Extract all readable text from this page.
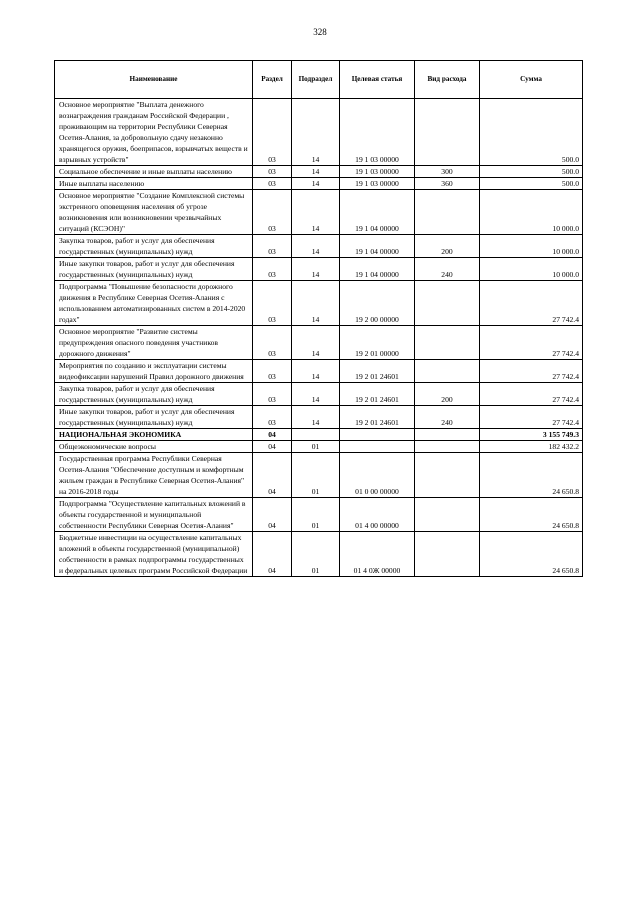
328
Наименование	Раздел	Подраздел	Целевая статья	Вид расхода	Сумма
Основное мероприятие "Выплата денежного вознаграждения гражданам Российской Федерации , проживающим на территории Республики Северная Осетия-Алания, за добровольную сдачу незаконно хранящегося оружия, боеприпасов, взрывчатых веществ и взрывных устройств"	03	14	19 1 03 00000		500.0
Социальное обеспечение и иные выплаты населению	03	14	19 1 03 00000	300	500.0
Иные выплаты населению	03	14	19 1 03 00000	360	500.0
Основное мероприятие "Создание Комплексной системы экстренного оповещения населения об угрозе возникновения или возникновении чрезвычайных ситуаций (КСЭОН)"	03	14	19 1 04 00000		10 000.0
Закупка товаров, работ и услуг для обеспечения государственных (муниципальных) нужд	03	14	19 1 04 00000	200	10 000.0
Иные закупки товаров, работ и услуг для обеспечения государственных (муниципальных) нужд	03	14	19 1 04 00000	240	10 000.0
Подпрограмма "Повышение безопасности дорожного движения в Республике Северная Осетия-Алания с использованием автоматизированных систем в 2014-2020 годах"	03	14	19 2 00 00000		27 742.4
Основное мероприятие "Развитие системы предупреждения опасного поведения участников дорожного движения"	03	14	19 2 01 00000		27 742.4
Мероприятия по созданию и эксплуатации системы видеофиксации нарушений Правил дорожного движения	03	14	19 2 01 24601		27 742.4
Закупка товаров, работ и услуг для обеспечения государственных (муниципальных) нужд	03	14	19 2 01 24601	200	27 742.4
Иные закупки товаров, работ и услуг для обеспечения государственных (муниципальных) нужд	03	14	19 2 01 24601	240	27 742.4
НАЦИОНАЛЬНАЯ ЭКОНОМИКА	04				3 155 749.3
Общеэкономические вопросы	04	01			182 432.2
Государственная программа Республики Северная Осетия-Алания "Обеспечение доступным и комфортным жильем граждан в Республике Северная Осетия-Алания" на 2016-2018 годы	04	01	01 0 00 00000		24 650.8
Подпрограмма "Осуществление капитальных вложений в объекты государственной и муниципальной собственности Республики Северная Осетия-Алания"	04	01	01 4 00 00000		24 650.8
Бюджетные инвестиции на осуществление капитальных вложений в объекты государственной (муниципальной) собственности в рамках подпрограммы государственных и федеральных целевых программ Российской Федерации	04	01	01 4 0Ж 00000		24 650.8
